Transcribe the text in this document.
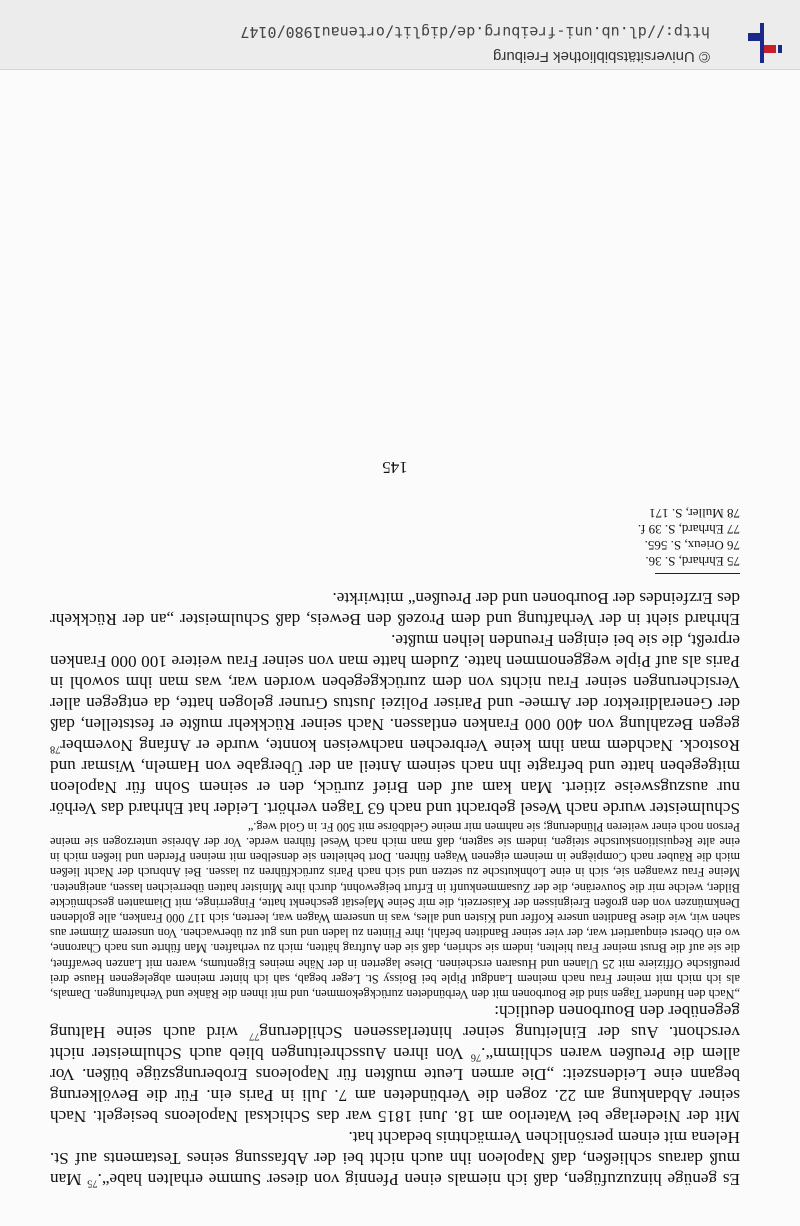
Es genüge hinzuzufügen, daß ich niemals einen Pfennig von dieser Summe erhalten habe“.$^{75}$ Man muß daraus schließen, daß Napoleon ihn auch nicht bei der Abfassung seines Testaments auf St. Helena mit einem persönlichen Vermächtnis bedacht hat.

Mit der Niederlage bei Waterloo am 18. Juni 1815 war das Schicksal Napoleons besiegelt. Nach seiner Abdankung am 22. zogen die Verbündeten am 7. Juli in Paris ein. Für die Bevölkerung begann eine Leidenszeit: „Die armen Leute mußten für Napoleons Eroberungszüge büßen. Vor allem die Preußen waren schlimm“.$^{76}$ Von ihren Ausschreitungen blieb auch Schulmeister nicht verschont. Aus der Einleitung seiner hinterlassenen Schilderung$^{77}$ wird auch seine Haltung gegenüber den Bourbonen deutlich:

„Nach den Hundert Tagen sind die Bourbonen mit den Verbündeten zurückgekommen, und mit ihnen die Ränke und Verhaftungen. Damals, als ich mich mit meiner Frau nach meinem Landgut Piple bei Boissy St. Leger begab, sah ich hinter meinem abgelegenen Hause drei preußische Offiziere mit 25 Ulanen und Husaren erscheinen. Diese lagerten in der Nähe meines Eigentums, waren mit Lanzen bewaffnet, die sie auf die Brust meiner Frau hielten, indem sie schrien, daß sie den Auftrag hätten, mich zu verhaften. Man führte uns nach Charonne, wo ein Oberst einquartiert war, der vier seiner Banditen befahl, ihre Flinten zu laden und uns gut zu überwachen. Von unserem Zimmer aus sahen wir, wie diese Banditen unsere Koffer und Kisten und alles, was in unserem Wagen war, leerten, sich 117 000 Franken, alle goldenen Denkmünzen von den großen Ereignissen der Kaiserzeit, die mir Seine Majestät geschenkt hatte, Fingerringe, mit Diamanten geschmückte Bilder, welche mir die Souveräne, die der Zusammenkunft in Erfurt beigewohnt, durch ihre Minister hatten überreichen lassen, aneigneten. Meine Frau zwangen sie, sich in eine Lohnkutsche zu setzen und sich nach Paris zurückführen zu lassen. Bei Anbruch der Nacht ließen mich die Räuber nach Compiègne in meinem eigenen Wagen führen. Dort behielten sie denselben mit meinen Pferden und ließen mich in eine alte Requisitionskutsche steigen, indem sie sagten, daß man mich nach Wesel führen werde. Vor der Abreise unterzogen sie meine Person noch einer weiteren Plünderung; sie nahmen mir meine Geldbörse mit 500 Fr. in Gold weg.“

Schulmeister wurde nach Wesel gebracht und nach 63 Tagen verhört. Leider hat Ehrhard das Verhör nur auszugsweise zitiert. Man kam auf den Brief zurück, den er seinem Sohn für Napoleon mitgegeben hatte und befragte ihn nach seinem Anteil an der Übergabe von Hameln, Wismar und Rostock. Nachdem man ihm keine Verbrechen nachweisen konnte, wurde er Anfang November$^{78}$ gegen Bezahlung von 400 000 Franken entlassen. Nach seiner Rückkehr mußte er feststellen, daß der Generaldirektor der Armee- und Pariser Polizei Justus Gruner gelogen hatte, da entgegen aller Versicherungen seiner Frau nichts von dem zurückgegeben worden war, was man ihm sowohl in Paris als auf Piple weggenommen hatte. Zudem hatte man von seiner Frau weitere 100 000 Franken erpreßt, die sie bei einigen Freunden leihen mußte.

Ehrhard sieht in der Verhaftung und dem Prozeß den Beweis, daß Schulmeister „an der Rückkehr des Erzfeindes der Bourbonen und der Preußen“ mitwirkte.

75 Ehrhard, S. 36.

76 Orieux, S. 565.

77 Ehrhard, S. 39 f.

78 Muller, S. 171

145
© Universitätsbibliothek Freiburg
http://dl.ub.uni-freiburg.de/diglit/ortenau1980/0147
